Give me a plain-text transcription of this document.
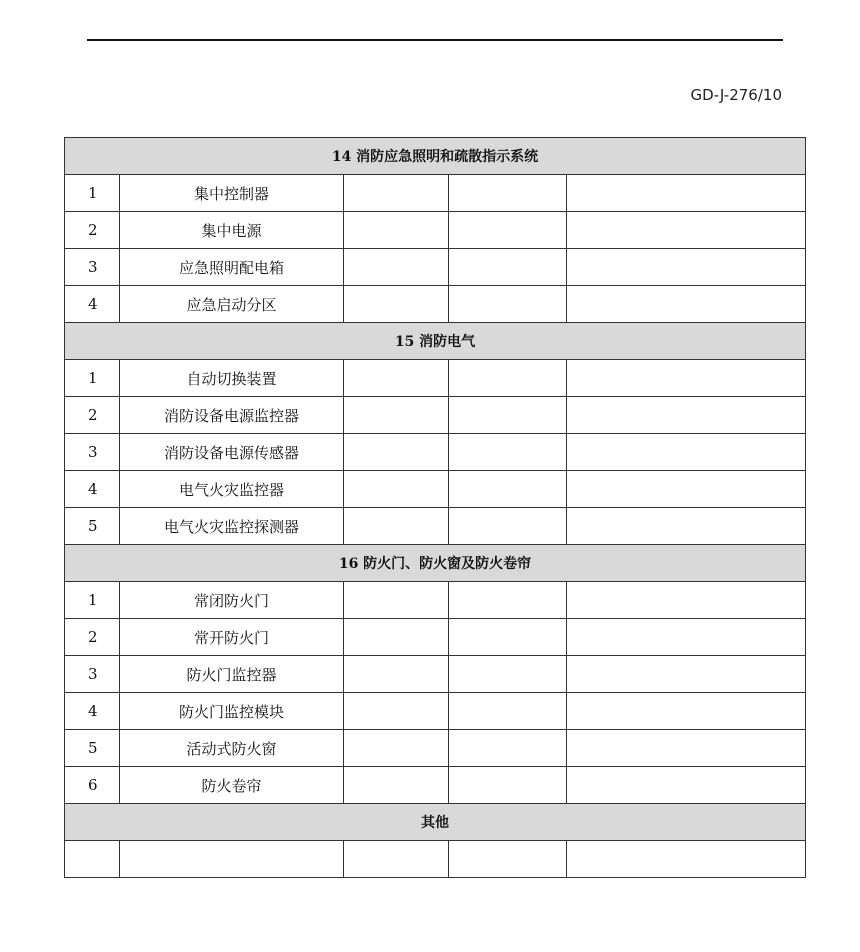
GD-J-276/10
14 消防应急照明和疏散指示系统				
1	集中控制器			
2	集中电源			
3	应急照明配电箱			
4	应急启动分区			
15 消防电气				
1	自动切换装置			
2	消防设备电源监控器			
3	消防设备电源传感器			
4	电气火灾监控器			
5	电气火灾监控探测器			
16 防火门、防火窗及防火卷帘				
1	常闭防火门			
2	常开防火门			
3	防火门监控器			
4	防火门监控模块			
5	活动式防火窗			
6	防火卷帘			
其他				
